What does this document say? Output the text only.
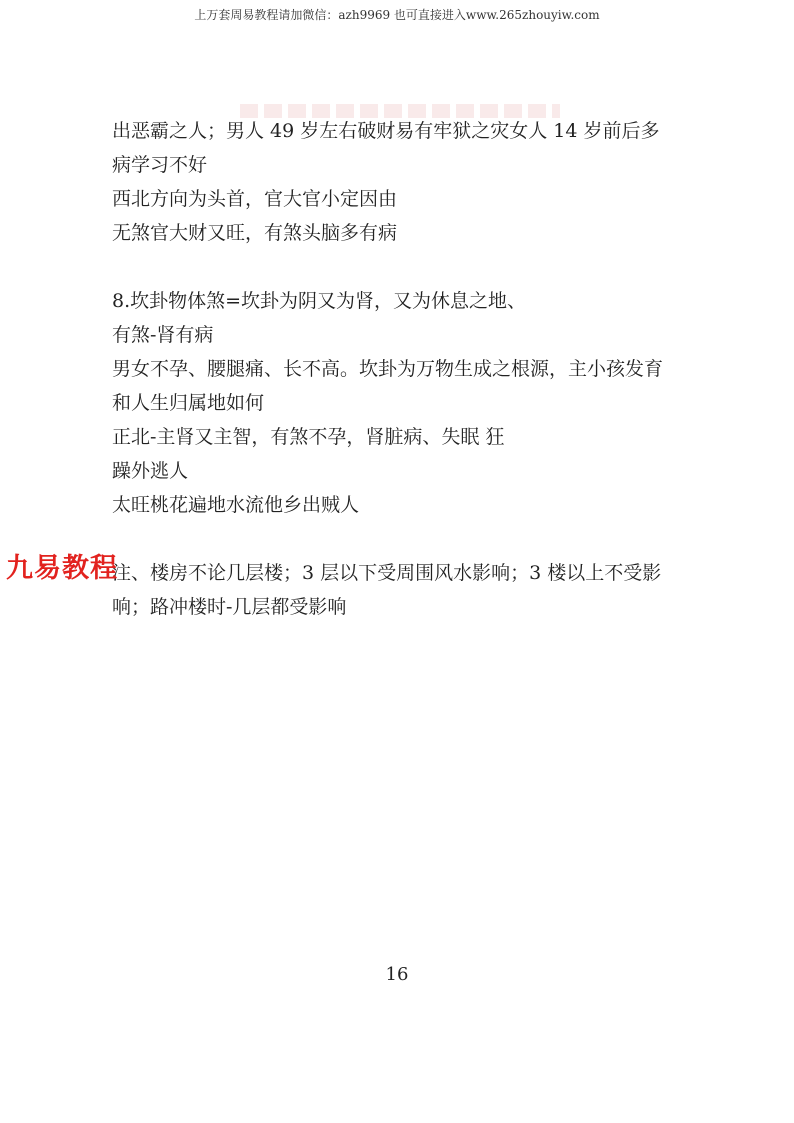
上万套周易教程请加微信：azh9969 也可直接进入www.265zhouyiw.com

出恶霸之人；男人 49 岁左右破财易有牢狱之灾女人 14 岁前后多

病学习不好

西北方向为头首，官大官小定因由

无煞官大财又旺，有煞头脑多有病

8.坎卦物体煞=坎卦为阴又为肾，又为休息之地、

有煞-肾有病

男女不孕、腰腿痛、长不高。坎卦为万物生成之根源，主小孩发育

和人生归属地如何

正北-主肾又主智，有煞不孕，肾脏病、失眠 狂

躁外逃人

太旺桃花遍地水流他乡出贼人

注、楼房不论几层楼；3 层以下受周围风水影响；3 楼以上不受影

响；路冲楼时-几层都受影响

九易教程
16
